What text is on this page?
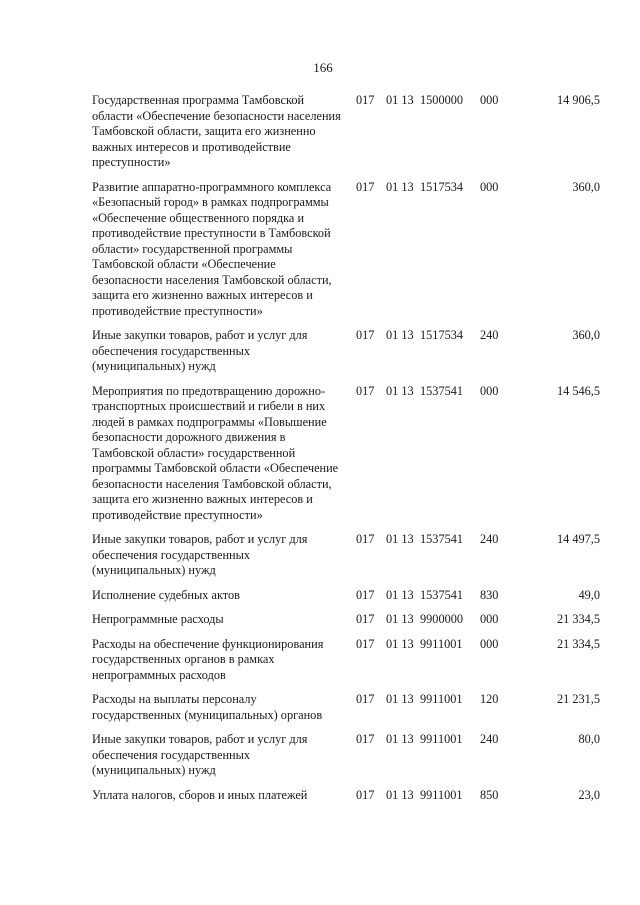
166
Государственная программа Тамбовской области «Обеспечение безопасности населения Тамбовской области, защита его жизненно важных интересов и противодействие преступности»	017	01 13	1500000	000	14 906,5
Развитие аппаратно-программного комплекса «Безопасный город» в рамках подпрограммы «Обеспечение общественного порядка и противодействие преступности в Тамбовской области» государственной программы Тамбовской области «Обеспечение безопасности населения Тамбовской области, защита его жизненно важных интересов и противодействие преступности»	017	01 13	1517534	000	360,0
Иные закупки товаров, работ и услуг для обеспечения государственных (муниципальных) нужд	017	01 13	1517534	240	360,0
Мероприятия по предотвращению дорожно-транспортных происшествий и гибели в них людей в рамках подпрограммы «Повышение безопасности дорожного движения в Тамбовской области» государственной программы Тамбовской области «Обеспечение безопасности населения Тамбовской области, защита его жизненно важных интересов и противодействие преступности»	017	01 13	1537541	000	14 546,5
Иные закупки товаров, работ и услуг для обеспечения государственных (муниципальных) нужд	017	01 13	1537541	240	14 497,5
Исполнение судебных актов	017	01 13	1537541	830	49,0
Непрограммные расходы	017	01 13	9900000	000	21 334,5
Расходы на обеспечение функционирования государственных органов в рамках непрограммных расходов	017	01 13	9911001	000	21 334,5
Расходы на выплаты персоналу государственных (муниципальных) органов	017	01 13	9911001	120	21 231,5
Иные закупки товаров, работ и услуг для обеспечения государственных (муниципальных) нужд	017	01 13	9911001	240	80,0
Уплата налогов, сборов и иных платежей	017	01 13	9911001	850	23,0
